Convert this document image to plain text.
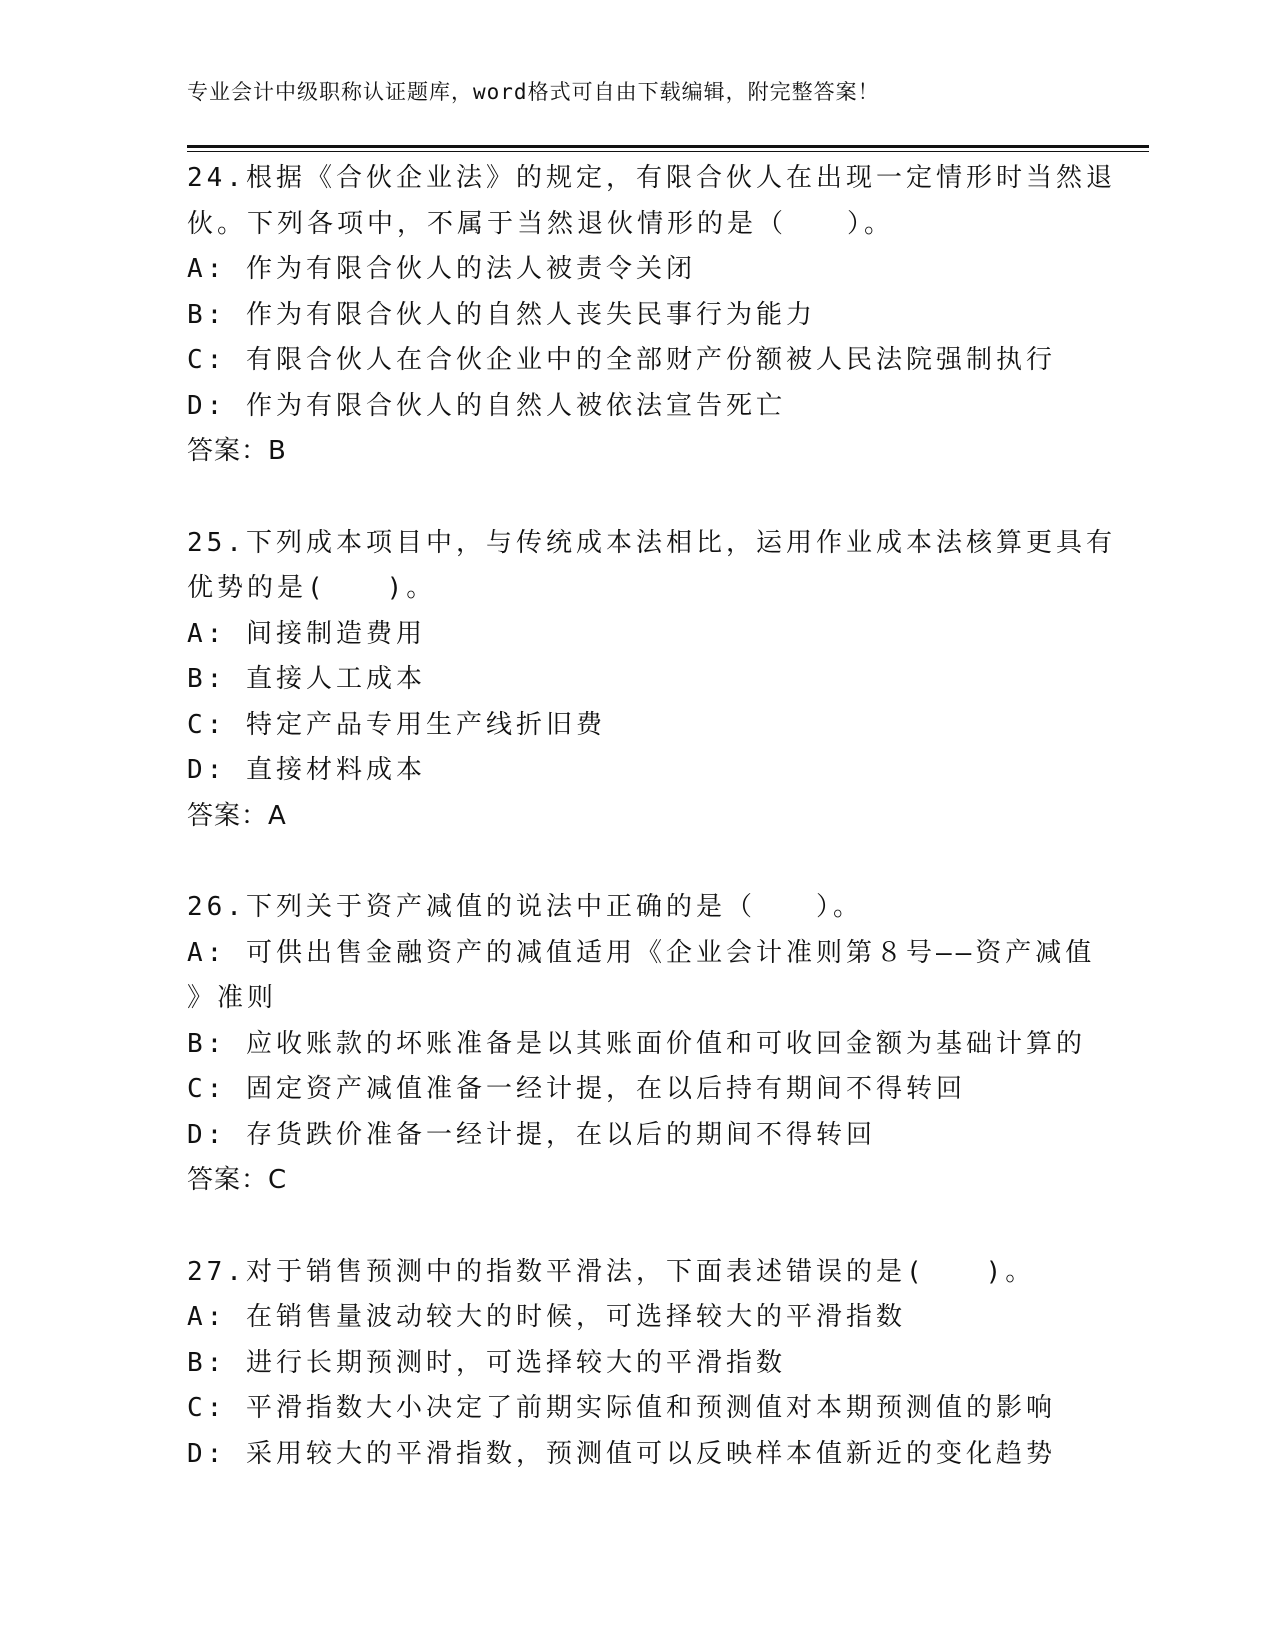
专业会计中级职称认证题库，word格式可自由下载编辑，附完整答案！
24.根据《合伙企业法》的规定，有限合伙人在出现一定情形时当然退
伙。下列各项中，不属于当然退伙情形的是（　　）。
A: 作为有限合伙人的法人被责令关闭
B: 作为有限合伙人的自然人丧失民事行为能力
C: 有限合伙人在合伙企业中的全部财产份额被人民法院强制执行
D: 作为有限合伙人的自然人被依法宣告死亡
答案：B
25.下列成本项目中，与传统成本法相比，运用作业成本法核算更具有
优势的是(　　)。
A: 间接制造费用
B: 直接人工成本
C: 特定产品专用生产线折旧费
D: 直接材料成本
答案：A
26.下列关于资产减值的说法中正确的是（　　）。
A: 可供出售金融资产的减值适用《企业会计准则第８号——资产减值
》准则
B: 应收账款的坏账准备是以其账面价值和可收回金额为基础计算的
C: 固定资产减值准备一经计提，在以后持有期间不得转回
D: 存货跌价准备一经计提，在以后的期间不得转回
答案：C
27.对于销售预测中的指数平滑法，下面表述错误的是(　　)。
A: 在销售量波动较大的时候，可选择较大的平滑指数
B: 进行长期预测时，可选择较大的平滑指数
C: 平滑指数大小决定了前期实际值和预测值对本期预测值的影响
D: 采用较大的平滑指数，预测值可以反映样本值新近的变化趋势
